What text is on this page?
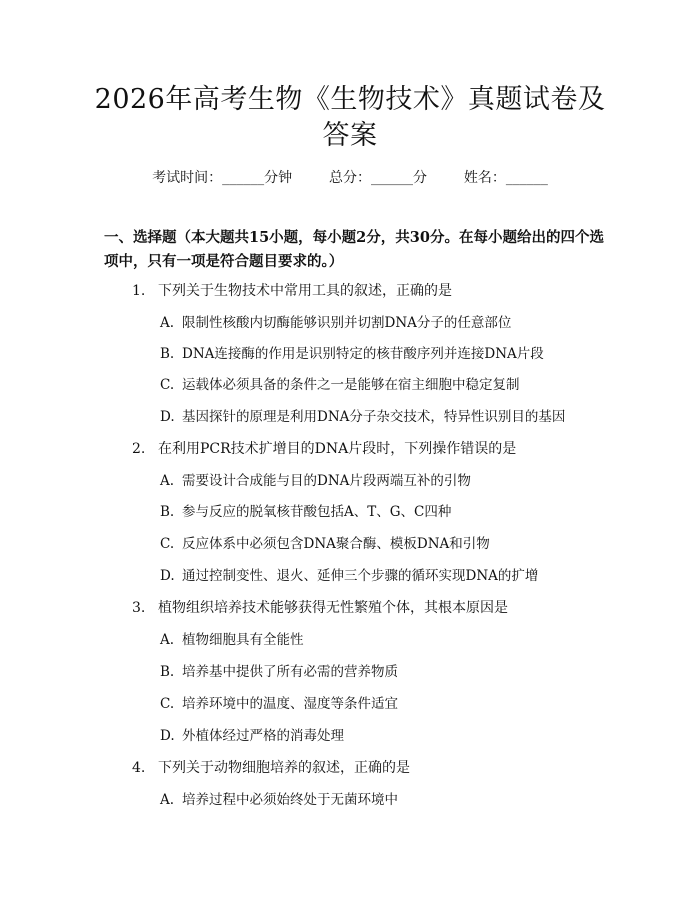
2026年高考生物《生物技术》真题试卷及答案
考试时间：______分钟	总分：______分	姓名：______

一、选择题（本大题共15小题，每小题2分，共30分。在每小题给出的四个选项中，只有一项是符合题目要求的。）

1. 下列关于生物技术中常用工具的叙述，正确的是
A. 限制性核酸内切酶能够识别并切割DNA分子的任意部位
B. DNA连接酶的作用是识别特定的核苷酸序列并连接DNA片段
C. 运载体必须具备的条件之一是能够在宿主细胞中稳定复制
D. 基因探针的原理是利用DNA分子杂交技术，特异性识别目的基因
2. 在利用PCR技术扩增目的DNA片段时，下列操作错误的是
A. 需要设计合成能与目的DNA片段两端互补的引物
B. 参与反应的脱氧核苷酸包括A、T、G、C四种
C. 反应体系中必须包含DNA聚合酶、模板DNA和引物
D. 通过控制变性、退火、延伸三个步骤的循环实现DNA的扩增
3. 植物组织培养技术能够获得无性繁殖个体，其根本原因是
A. 植物细胞具有全能性
B. 培养基中提供了所有必需的营养物质
C. 培养环境中的温度、湿度等条件适宜
D. 外植体经过严格的消毒处理
4. 下列关于动物细胞培养的叙述，正确的是
A. 培养过程中必须始终处于无菌环境中
